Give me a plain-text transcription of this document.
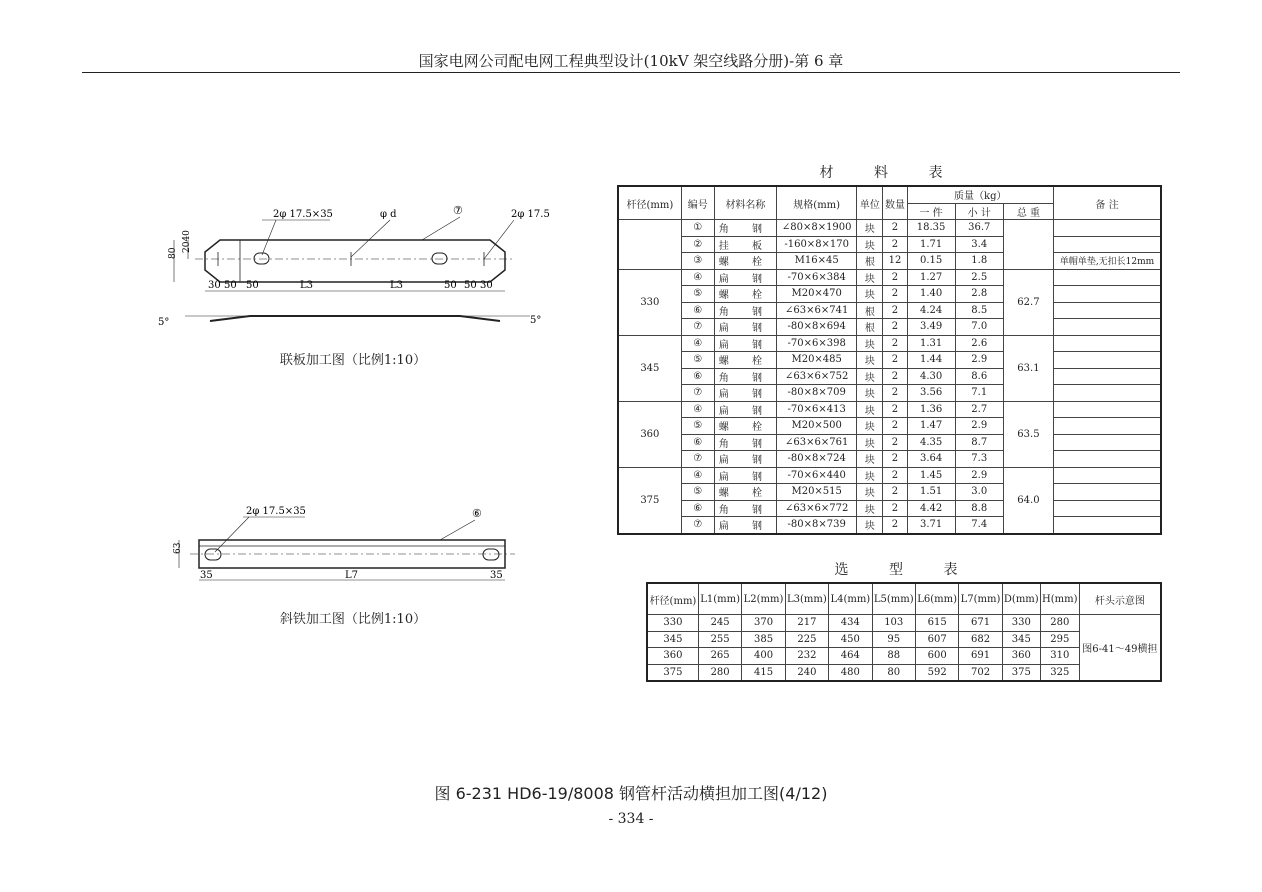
国家电网公司配电网工程典型设计(10kV 架空线路分册)-第 6 章
2φ 17.5×35	φ d	⑦	2φ 17.5
80
2040
30 50 50	L3	L3	50 50 30
5°	5°
联板加工图（比例1:10）
2φ 17.5×35	⑥
63
35	L7	35
斜铁加工图（比例1:10）
材 料 表
杆径(mm)	编号	材料名称	规格(mm)	单位	数量	质量（kg）			备 注
						一 件	小 计	总 重	
	①	角 钢	∠80×8×1900	块	2	18.35	36.7		
	②	挂 板	-160×8×170	块	2	1.71	3.4		
	③	螺 栓	M16×45	根	12	0.15	1.8		单帽单垫,无扣长12mm
330	④	扁 钢	-70×6×384	块	2	1.27	2.5	62.7	
	⑤	螺 栓	M20×470	块	2	1.40	2.8		
	⑥	角 钢	∠63×6×741	根	2	4.24	8.5		
	⑦	扁 钢	-80×8×694	根	2	3.49	7.0		
345	④	扁 钢	-70×6×398	块	2	1.31	2.6	63.1	
	⑤	螺 栓	M20×485	块	2	1.44	2.9		
	⑥	角 钢	∠63×6×752	块	2	4.30	8.6		
	⑦	扁 钢	-80×8×709	块	2	3.56	7.1		
360	④	扁 钢	-70×6×413	块	2	1.36	2.7	63.5	
	⑤	螺 栓	M20×500	块	2	1.47	2.9		
	⑥	角 钢	∠63×6×761	块	2	4.35	8.7		
	⑦	扁 钢	-80×8×724	块	2	3.64	7.3		
375	④	扁 钢	-70×6×440	块	2	1.45	2.9	64.0	
	⑤	螺 栓	M20×515	块	2	1.51	3.0		
	⑥	角 钢	∠63×6×772	块	2	4.42	8.8		
	⑦	扁 钢	-80×8×739	块	2	3.71	7.4		
选 型 表
杆径(mm)	L1(mm)	L2(mm)	L3(mm)	L4(mm)	L5(mm)	L6(mm)	L7(mm)	D(mm)	H(mm)	杆头示意图
330	245	370	217	434	103	615	671	330	280	图6-41～49横担
345	255	385	225	450	95	607	682	345	295	
360	265	400	232	464	88	600	691	360	310	
375	280	415	240	480	80	592	702	375	325	
图 6-231 HD6-19/8008 钢管杆活动横担加工图(4/12)
- 334 -
